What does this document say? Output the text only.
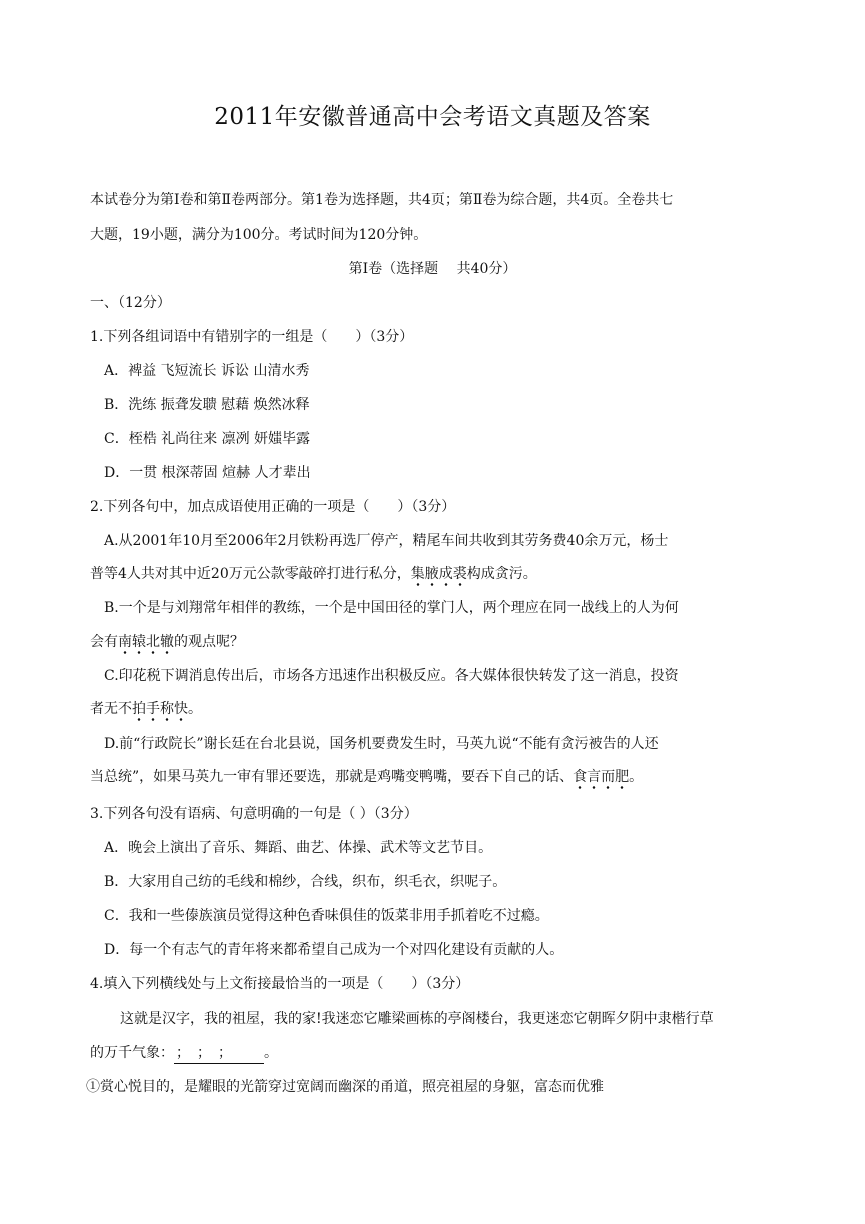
2011年安徽普通高中会考语文真题及答案
本试卷分为第Ⅰ卷和第Ⅱ卷两部分。第1卷为选择题，共4页；第Ⅱ卷为综合题，共4页。全卷共七
大题，19小题，满分为100分。考试时间为120分钟。
第Ⅰ卷（选择题　 共40分）
一、（12分）
1.下列各组词语中有错别字的一组是（　　）（3分）
A．裨益 飞短流长 诉讼 山清水秀
B．洗练 振聋发聩 慰藉 焕然冰释
C．桎梏 礼尚往来 凛冽 妍媸毕露
D．一贯 根深蒂固 煊赫 人才辈出
2.下列各句中，加点成语使用正确的一项是（　　）（3分）
A.从2001年10月至2006年2月铁粉再选厂停产，精尾车间共收到其劳务费40余万元，杨士
普等4人共对其中近20万元公款零敲碎打进行私分，集腋成裘构成贪污。
B.一个是与刘翔常年相伴的教练，一个是中国田径的掌门人，两个理应在同一战线上的人为何
会有南辕北辙的观点呢？
C.印花税下调消息传出后，市场各方迅速作出积极反应。各大媒体很快转发了这一消息，投资
者无不拍手称快。
D.前“行政院长”谢长廷在台北县说，国务机要费发生时，马英九说“不能有贪污被告的人还
当总统”，如果马英九一审有罪还要选，那就是鸡嘴变鸭嘴，要吞下自己的话、食言而肥。
3.下列各句没有语病、句意明确的一句是（ ）（3分）
A．晚会上演出了音乐、舞蹈、曲艺、体操、武术等文艺节目。
B．大家用自己纺的毛线和棉纱，合线，织布，织毛衣，织呢子。
C．我和一些傣族演员觉得这种色香味俱佳的饭菜非用手抓着吃不过瘾。
D．每一个有志气的青年将来都希望自己成为一个对四化建设有贡献的人。
4.填入下列横线处与上文衔接最恰当的一项是（　　）（3分）
这就是汉字，我的祖屋，我的家!我迷恋它雕梁画栋的亭阁楼台，我更迷恋它朝晖夕阴中隶楷行草
的万千气象： ；　；　； 。
①赏心悦目的，是耀眼的光箭穿过宽阔而幽深的甬道，照亮祖屋的身躯，富态而优雅
